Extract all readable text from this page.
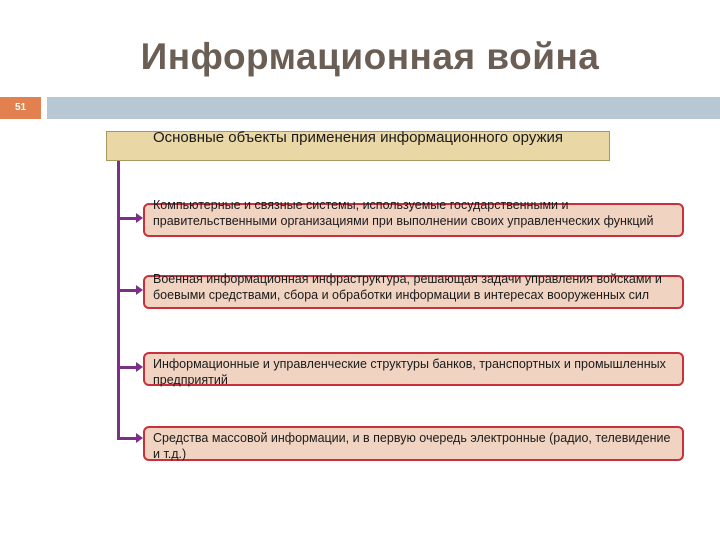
Информационная война
51
Основные объекты применения информационного оружия
Компьютерные и связные системы, используемые государственными и правительственными организациями при выполнении своих управленческих функций
Военная информационная инфраструктура, решающая задачи управления войсками и боевыми средствами, сбора и обработки информации в интересах вооруженных сил
Информационные и управленческие структуры банков, транспортных и промышленных предприятий
Средства массовой информации, и в первую очередь электронные (радио, телевидение и т.д.)
